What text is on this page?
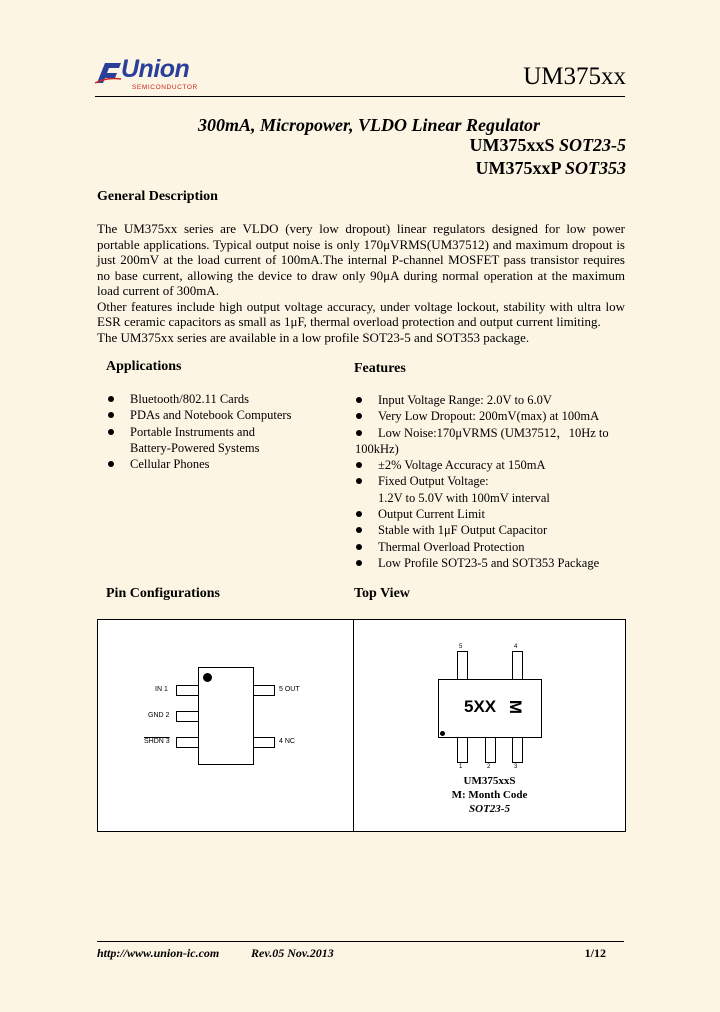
Union
SEMICONDUCTOR	UM375xx
300mA, Micropower, VLDO Linear Regulator
UM375xxS SOT23-5
UM375xxP SOT353
General Description
The UM375xx series are VLDO (very low dropout) linear regulators designed for low power portable applications. Typical output noise is only 170μVRMS(UM37512) and maximum dropout is just 200mV at the load current of 100mA.The internal P-channel MOSFET pass transistor requires no base current, allowing the device to draw only 90μA during normal operation at the maximum load current of 300mA.
Other features include high output voltage accuracy, under voltage lockout, stability with ultra low ESR ceramic capacitors as small as 1μF, thermal overload protection and output current limiting.
The UM375xx series are available in a low profile SOT23-5 and SOT353 package.
Applications
Bluetooth/802.11 Cards
PDAs and Notebook Computers
Portable Instruments and
Battery-Powered Systems
Cellular Phones
Features
Input Voltage Range: 2.0V to 6.0V
Very Low Dropout: 200mV(max) at 100mA
Low Noise:170μVRMS (UM37512，10Hz to
100kHz)
±2% Voltage Accuracy at 150mA
Fixed Output Voltage:
1.2V to 5.0V with 100mV interval
Output Current Limit
Stable with 1μF Output Capacitor
Thermal Overload Protection
Low Profile SOT23-5 and SOT353 Package
Pin Configurations	Top View
IN 1
GND 2
SHDN 3
5 OUT
4 NC
5	4
5XX M
1	2	3
UM375xxS
M: Month Code
SOT23-5
http://www.union-ic.com	Rev.05 Nov.2013	1/12
